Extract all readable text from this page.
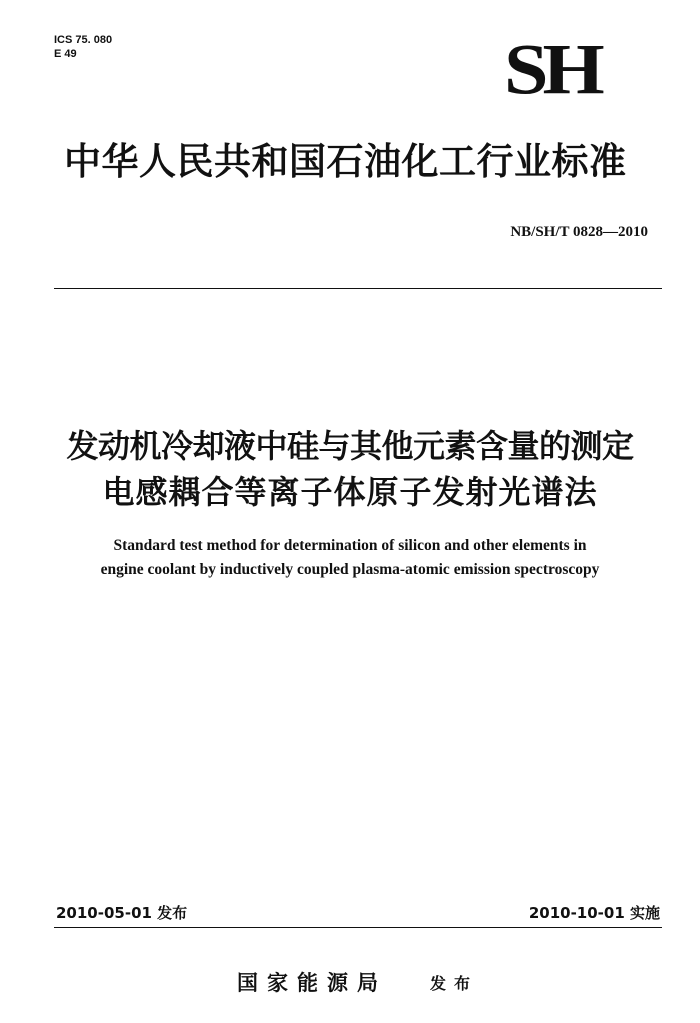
ICS 75. 080
E 49	SH
中华人民共和国石油化工行业标准
NB/SH/T 0828—2010
发动机冷却液中硅与其他元素含量的测定
电感耦合等离子体原子发射光谱法
Standard test method for determination of silicon and other elements in
engine coolant by inductively coupled plasma-atomic emission spectroscopy
2010-05-01 发布	2010-10-01 实施
国家能源局	发布
